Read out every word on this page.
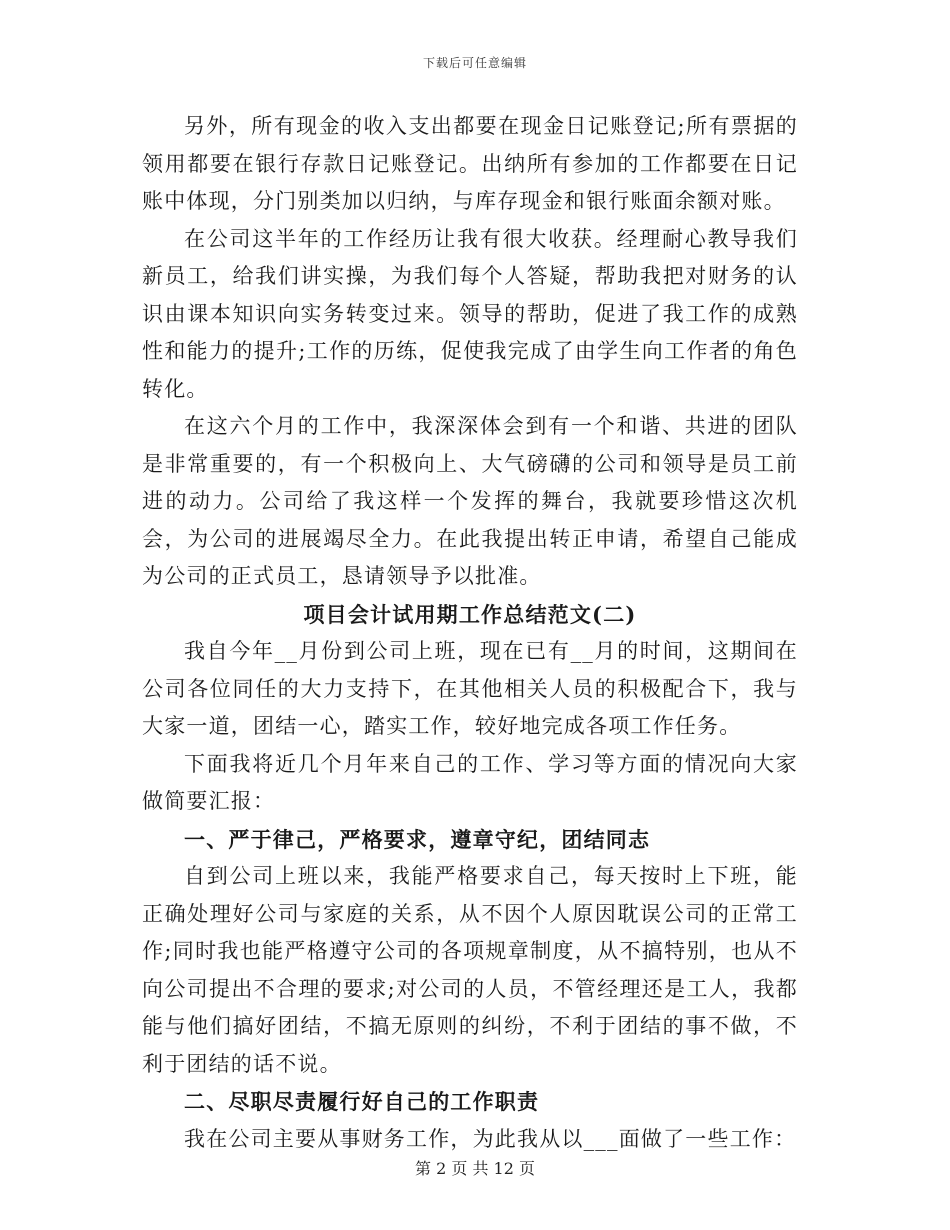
下载后可任意编辑

另外，所有现金的收入支出都要在现金日记账登记;所有票据的领用都要在银行存款日记账登记。出纳所有参加的工作都要在日记账中体现，分门别类加以归纳，与库存现金和银行账面余额对账。

在公司这半年的工作经历让我有很大收获。经理耐心教导我们新员工，给我们讲实操，为我们每个人答疑，帮助我把对财务的认识由课本知识向实务转变过来。领导的帮助，促进了我工作的成熟性和能力的提升;工作的历练，促使我完成了由学生向工作者的角色转化。

在这六个月的工作中，我深深体会到有一个和谐、共进的团队是非常重要的，有一个积极向上、大气磅礴的公司和领导是员工前进的动力。公司给了我这样一个发挥的舞台，我就要珍惜这次机会，为公司的进展竭尽全力。在此我提出转正申请，希望自己能成为公司的正式员工，恳请领导予以批准。

项目会计试用期工作总结范文(二)

我自今年__月份到公司上班，现在已有__月的时间，这期间在公司各位同任的大力支持下，在其他相关人员的积极配合下，我与大家一道，团结一心，踏实工作，较好地完成各项工作任务。

下面我将近几个月年来自己的工作、学习等方面的情况向大家做简要汇报：

一、严于律己，严格要求，遵章守纪，团结同志

自到公司上班以来，我能严格要求自己，每天按时上下班，能正确处理好公司与家庭的关系，从不因个人原因耽误公司的正常工作;同时我也能严格遵守公司的各项规章制度，从不搞特别，也从不向公司提出不合理的要求;对公司的人员，不管经理还是工人，我都能与他们搞好团结，不搞无原则的纠纷，不利于团结的事不做，不利于团结的话不说。

二、尽职尽责履行好自己的工作职责

我在公司主要从事财务工作，为此我从以___面做了一些工作：

第 2 页 共 12 页
